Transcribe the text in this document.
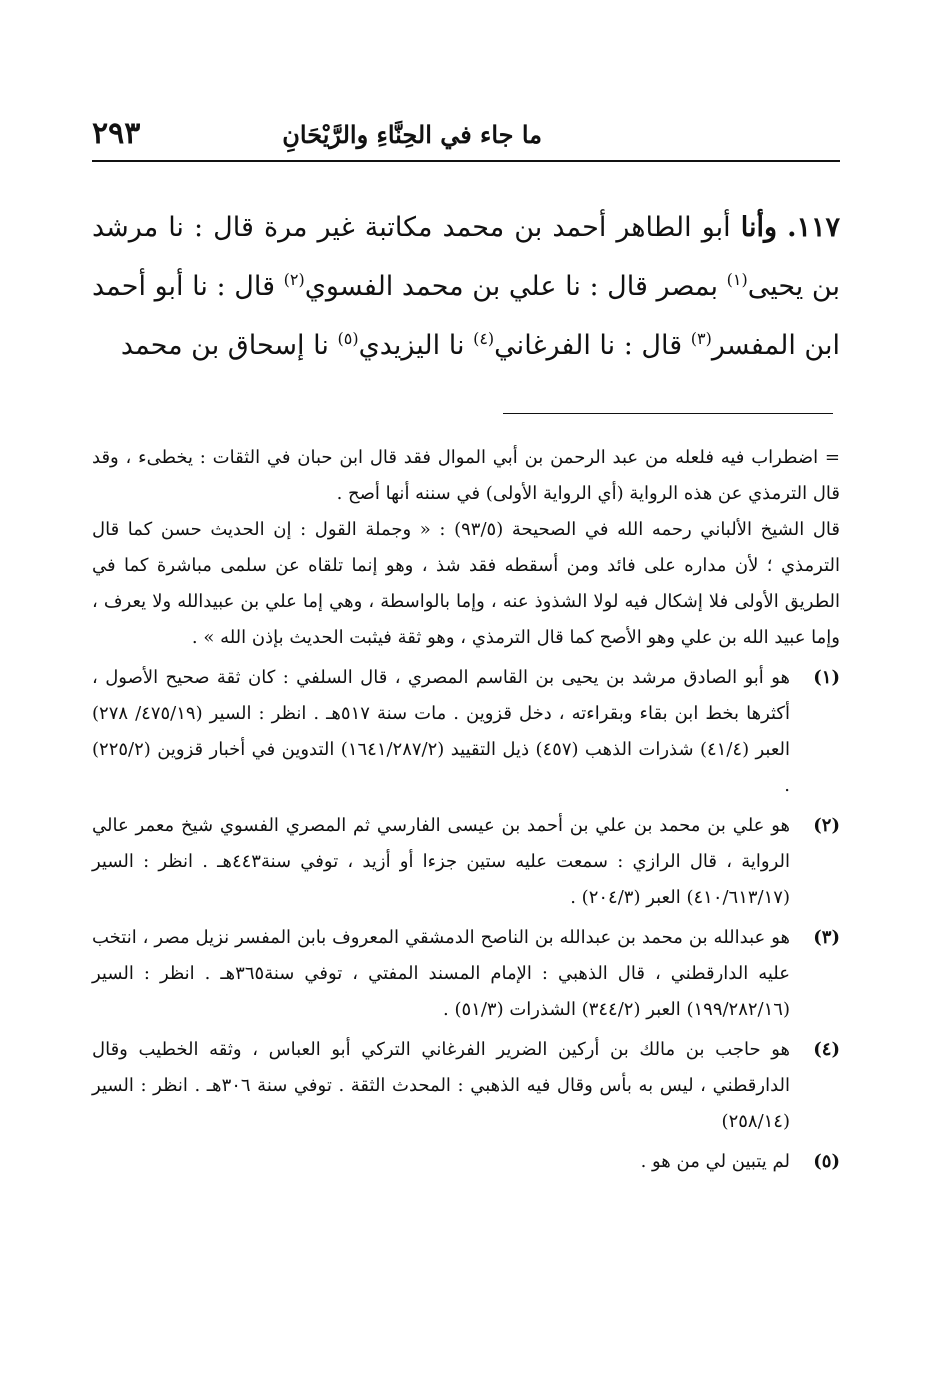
ما جاء في الحِنَّاءِ والرَّيْحَانِ
٢٩٣
١١٧. وأنا أبو الطاهر أحمد بن محمد مكاتبة غير مرة قال : نا مرشد بن يحيى$^{(١)}$ بمصر قال : نا علي بن محمد الفسوي$^{(٢)}$ قال : نا أبو أحمد ابن المفسر$^{(٣)}$ قال : نا الفرغاني$^{(٤)}$ نا اليزيدي$^{(٥)}$ نا إسحاق بن محمد

= اضطراب فيه فلعله من عبد الرحمن بن أبي الموال فقد قال ابن حبان في الثقات : يخطىء ، وقد قال الترمذي عن هذه الرواية (أي الرواية الأولى) في سننه أنها أصح .

قال الشيخ الألباني رحمه الله في الصحيحة (٩٣/٥) : « وجملة القول : إن الحديث حسن كما قال الترمذي ؛ لأن مداره على فائد ومن أسقطه فقد شذ ، وهو إنما تلقاه عن سلمى مباشرة كما في الطريق الأولى فلا إشكال فيه لولا الشذوذ عنه ، وإما بالواسطة ، وهي إما علي بن عبيدالله ولا يعرف ، وإما عبيد الله بن علي وهو الأصح كما قال الترمذي ، وهو ثقة فيثبت الحديث بإذن الله » .

(١)
هو أبو الصادق مرشد بن يحيى بن القاسم المصري ، قال السلفي : كان ثقة صحيح الأصول ، أكثرها بخط ابن بقاء وبقراءته ، دخل قزوين . مات سنة ٥١٧هـ . انظر : السير (٤٧٥/١٩/ ٢٧٨) العبر (٤١/٤) شذرات الذهب (٤٥٧) ذيل التقييد (١٦٤١/٢٨٧/٢) التدوين في أخبار قزوين (٢٢٥/٢) .
(٢)
هو علي بن محمد بن علي بن أحمد بن عيسى الفارسي ثم المصري الفسوي شيخ معمر عالي الرواية ، قال الرازي : سمعت عليه ستين جزءا أو أزيد ، توفي سنة٤٤٣هـ . انظر : السير (٤١٠/٦١٣/١٧) العبر (٢٠٤/٣) .
(٣)
هو عبدالله بن محمد بن عبدالله بن الناصح الدمشقي المعروف بابن المفسر نزيل مصر ، انتخب عليه الدارقطني ، قال الذهبي : الإمام المسند المفتي ، توفي سنة٣٦٥هـ . انظر : السير (١٩٩/٢٨٢/١٦) العبر (٣٤٤/٢) الشذرات (٥١/٣) .
(٤)
هو حاجب بن مالك بن أركين الضرير الفرغاني التركي أبو العباس ، وثقه الخطيب وقال الدارقطني ، ليس به بأس وقال فيه الذهبي : المحدث الثقة . توفي سنة ٣٠٦هـ . انظر : السير (٢٥٨/١٤)
(٥)
لم يتبين لي من هو .
